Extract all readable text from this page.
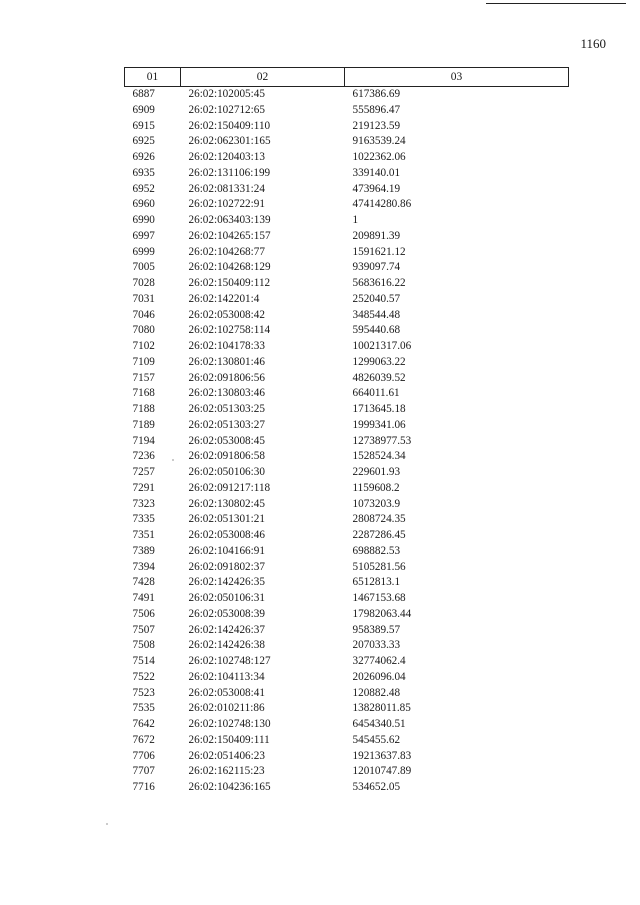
1160
01	02	03
6887	26:02:102005:45	617386.69
6909	26:02:102712:65	555896.47
6915	26:02:150409:110	219123.59
6925	26:02:062301:165	9163539.24
6926	26:02:120403:13	1022362.06
6935	26:02:131106:199	339140.01
6952	26:02:081331:24	473964.19
6960	26:02:102722:91	47414280.86
6990	26:02:063403:139	1
6997	26:02:104265:157	209891.39
6999	26:02:104268:77	1591621.12
7005	26:02:104268:129	939097.74
7028	26:02:150409:112	5683616.22
7031	26:02:142201:4	252040.57
7046	26:02:053008:42	348544.48
7080	26:02:102758:114	595440.68
7102	26:02:104178:33	10021317.06
7109	26:02:130801:46	1299063.22
7157	26:02:091806:56	4826039.52
7168	26:02:130803:46	664011.61
7188	26:02:051303:25	1713645.18
7189	26:02:051303:27	1999341.06
7194	26:02:053008:45	12738977.53
7236	26:02:091806:58	1528524.34
7257	26:02:050106:30	229601.93
7291	26:02:091217:118	1159608.2
7323	26:02:130802:45	1073203.9
7335	26:02:051301:21	2808724.35
7351	26:02:053008:46	2287286.45
7389	26:02:104166:91	698882.53
7394	26:02:091802:37	5105281.56
7428	26:02:142426:35	6512813.1
7491	26:02:050106:31	1467153.68
7506	26:02:053008:39	17982063.44
7507	26:02:142426:37	958389.57
7508	26:02:142426:38	207033.33
7514	26:02:102748:127	32774062.4
7522	26:02:104113:34	2026096.04
7523	26:02:053008:41	120882.48
7535	26:02:010211:86	13828011.85
7642	26:02:102748:130	6454340.51
7672	26:02:150409:111	545455.62
7706	26:02:051406:23	19213637.83
7707	26:02:162115:23	12010747.89
7716	26:02:104236:165	534652.05
